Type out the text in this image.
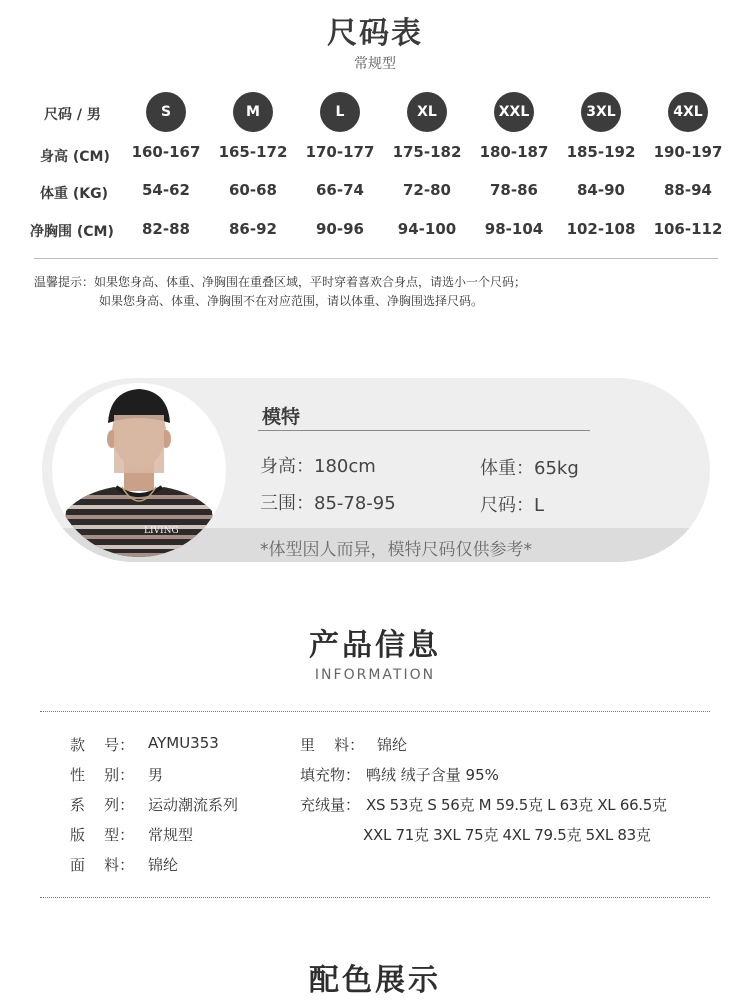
尺码表
常规型
尺码 / 男	S	M	L	XL	XXL	3XL	4XL
身高 (CM)	160-167	165-172	170-177	175-182	180-187	185-192	190-197
体重 (KG)	54-62	60-68	66-74	72-80	78-86	84-90	88-94
净胸围 (CM)	82-88	86-92	90-96	94-100	98-104	102-108	106-112
温馨提示：如果您身高、体重、净胸围在重叠区域，平时穿着喜欢合身点，请选小一个尺码；
如果您身高、体重、净胸围不在对应范围，请以体重、净胸围选择尺码。
LIVING
模特
身高：180cm	体重：65kg
三围：85-78-95	尺码：L
*体型因人而异，模特尺码仅供参考*
产品信息
INFORMATION
款    号： AYMU353
性    别： 男
系    列： 运动潮流系列
版    型： 常规型
面    料： 锦纶
里    料： 锦纶
填充物： 鸭绒 绒子含量 95%
充绒量： XS 53克 S 56克 M 59.5克 L 63克 XL 66.5克
XXL 71克 3XL 75克 4XL 79.5克 5XL 83克
配色展示
